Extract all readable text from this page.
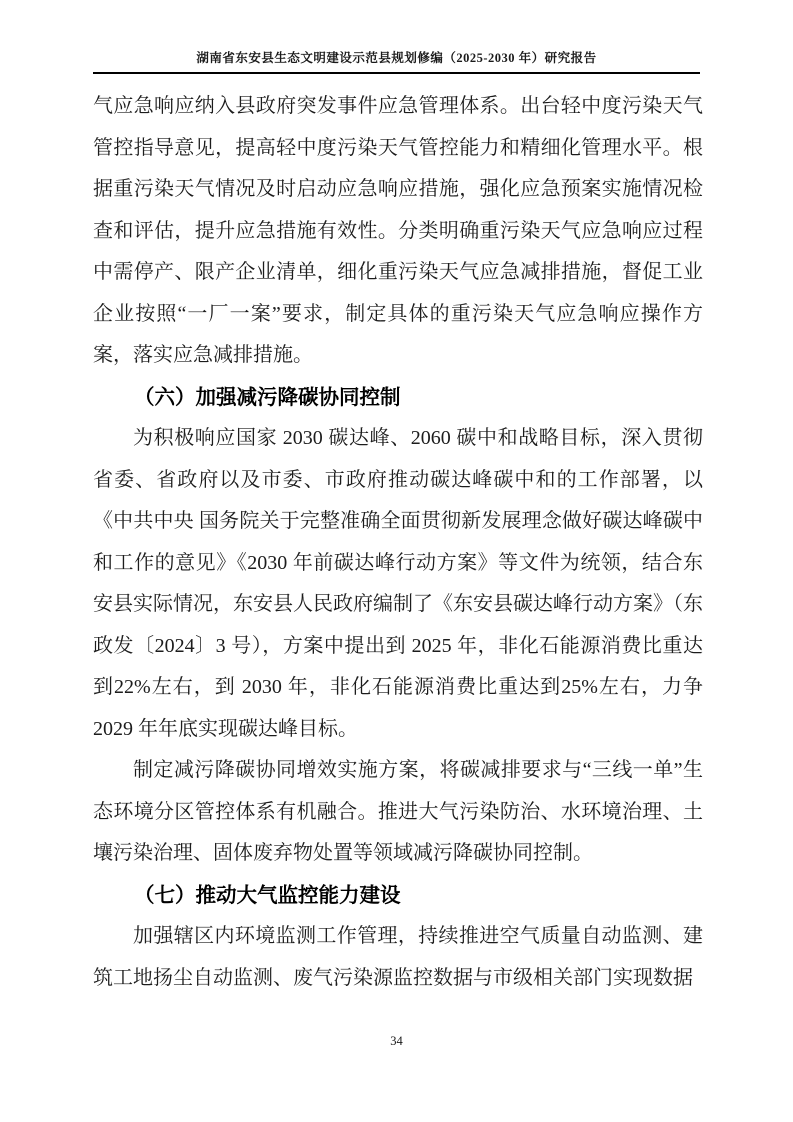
湖南省东安县生态文明建设示范县规划修编（2025-2030 年）研究报告

气应急响应纳入县政府突发事件应急管理体系。出台轻中度污染天气管控指导意见，提高轻中度污染天气管控能力和精细化管理水平。根据重污染天气情况及时启动应急响应措施，强化应急预案实施情况检查和评估，提升应急措施有效性。分类明确重污染天气应急响应过程中需停产、限产企业清单，细化重污染天气应急减排措施，督促工业企业按照“一厂一案”要求，制定具体的重污染天气应急响应操作方案，落实应急减排措施。

（六）加强减污降碳协同控制

为积极响应国家 2030 碳达峰、2060 碳中和战略目标，深入贯彻省委、省政府以及市委、市政府推动碳达峰碳中和的工作部署，以《中共中央 国务院关于完整准确全面贯彻新发展理念做好碳达峰碳中和工作的意见》《2030 年前碳达峰行动方案》等文件为统领，结合东安县实际情况，东安县人民政府编制了《东安县碳达峰行动方案》（东政发〔2024〕3 号），方案中提出到 2025 年，非化石能源消费比重达到22%左右，到 2030 年，非化石能源消费比重达到25%左右，力争 2029 年年底实现碳达峰目标。

制定减污降碳协同增效实施方案，将碳减排要求与“三线一单”生态环境分区管控体系有机融合。推进大气污染防治、水环境治理、土壤污染治理、固体废弃物处置等领域减污降碳协同控制。

（七）推动大气监控能力建设

加强辖区内环境监测工作管理，持续推进空气质量自动监测、建筑工地扬尘自动监测、废气污染源监控数据与市级相关部门实现数据

34
